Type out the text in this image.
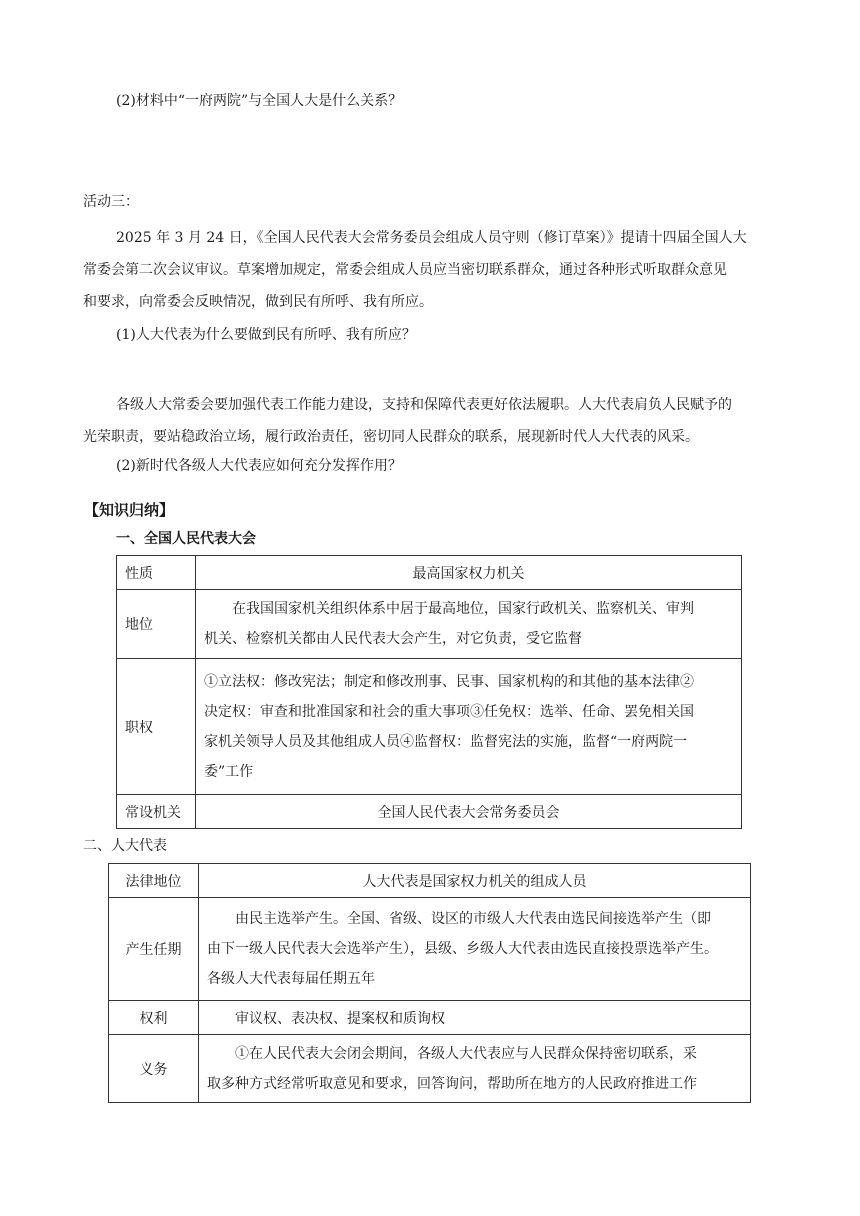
(2)材料中“一府两院”与全国人大是什么关系？
活动三：
2025 年 3 月 24 日，《全国人民代表大会常务委员会组成人员守则（修订草案）》提请十四届全国人大
常委会第二次会议审议。草案增加规定，常委会组成人员应当密切联系群众，通过各种形式听取群众意见
和要求，向常委会反映情况，做到民有所呼、我有所应。
(1)人大代表为什么要做到民有所呼、我有所应？
各级人大常委会要加强代表工作能力建设，支持和保障代表更好依法履职。人大代表肩负人民赋予的
光荣职责，要站稳政治立场，履行政治责任，密切同人民群众的联系，展现新时代人大代表的风采。
(2)新时代各级人大代表应如何充分发挥作用？
【知识归纳】
一、全国人民代表大会
性质	最高国家权力机关
地位	在我国国家机关组织体系中居于最高地位，国家行政机关、监察机关、审判

机关、检察机关都由人民代表大会产生，对它负责，受它监督

职权	①立法权：修改宪法；制定和修改刑事、民事、国家机构的和其他的基本法律②

决定权：审查和批准国家和社会的重大事项③任免权：选举、任命、罢免相关国

家机关领导人员及其他组成人员④监督权：监督宪法的实施，监督“一府两院一

委”工作

常设机关	全国人民代表大会常务委员会
二、人大代表
法律地位	人大代表是国家权力机关的组成人员
产生任期	由民主选举产生。全国、省级、设区的市级人大代表由选民间接选举产生（即

由下一级人民代表大会选举产生），县级、乡级人大代表由选民直接投票选举产生。

各级人大代表每届任期五年

权利	审议权、表决权、提案权和质询权
义务	①在人民代表大会闭会期间，各级人大代表应与人民群众保持密切联系，采

取多种方式经常听取意见和要求，回答询问，帮助所在地方的人民政府推进工作
